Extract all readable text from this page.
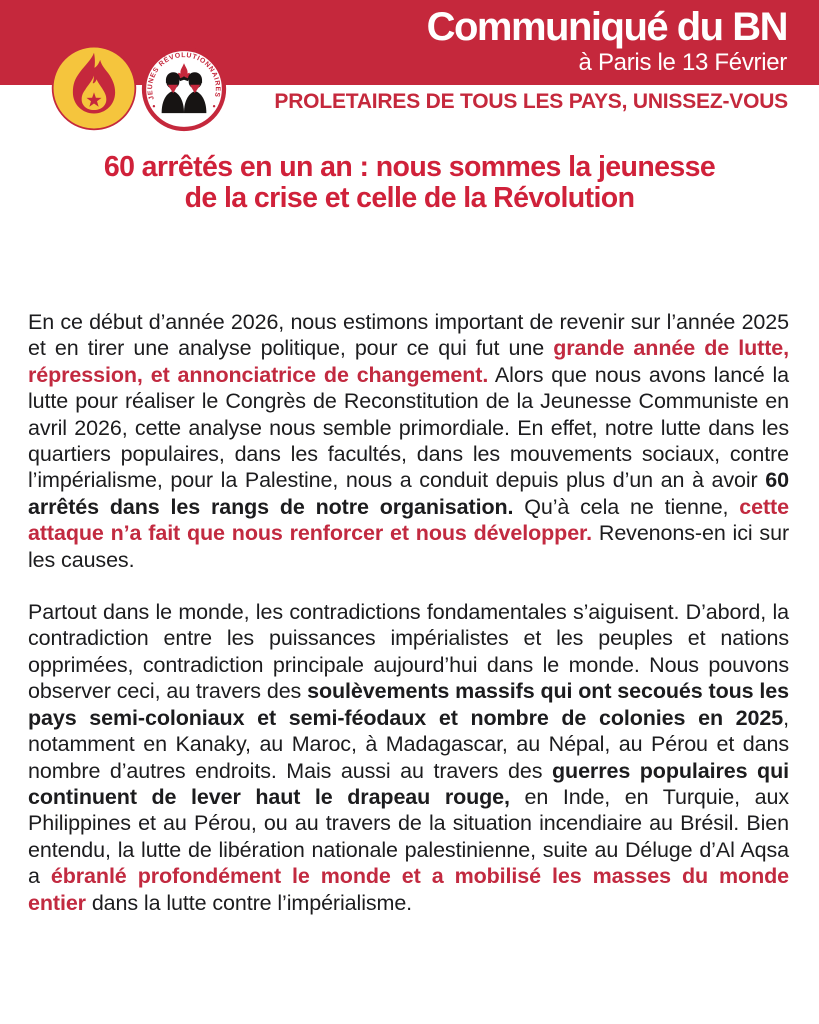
Communiqué du BN
à Paris le 13 Février
PROLETAIRES DE TOUS LES PAYS, UNISSEZ-VOUS
JEUNES RÉVOLUTIONNAIRES
60 arrêtés en un an : nous sommes la jeunesse
de la crise et celle de la Révolution

En ce début d’année 2026, nous estimons important de revenir sur l’année 2025 et en tirer une analyse politique, pour ce qui fut une grande année de lutte, répression, et annonciatrice de changement. Alors que nous avons lancé la lutte pour réaliser le Congrès de Reconstitution de la Jeunesse Communiste en avril 2026, cette analyse nous semble primordiale. En effet, notre lutte dans les quartiers populaires, dans les facultés, dans les mouvements sociaux, contre l’impérialisme, pour la Palestine, nous a conduit depuis plus d’un an à avoir 60 arrêtés dans les rangs de notre organisation. Qu’à cela ne tienne, cette attaque n’a fait que nous renforcer et nous développer. Revenons-en ici sur les causes.

Partout dans le monde, les contradictions fondamentales s’aiguisent. D’abord, la contradiction entre les puissances impérialistes et les peuples et nations opprimées, contradiction principale aujourd’hui dans le monde. Nous pouvons observer ceci, au travers des soulèvements massifs qui ont secoués tous les pays semi-coloniaux et semi-féodaux et nombre de colonies en 2025, notamment en Kanaky, au Maroc, à Madagascar, au Népal, au Pérou et dans nombre d’autres endroits. Mais aussi au travers des guerres populaires qui continuent de lever haut le drapeau rouge, en Inde, en Turquie, aux Philippines et au Pérou, ou au travers de la situation incendiaire au Brésil. Bien entendu, la lutte de libération nationale palestinienne, suite au Déluge d’Al Aqsa a ébranlé profondément le monde et a mobilisé les masses du monde entier dans la lutte contre l’impérialisme.
